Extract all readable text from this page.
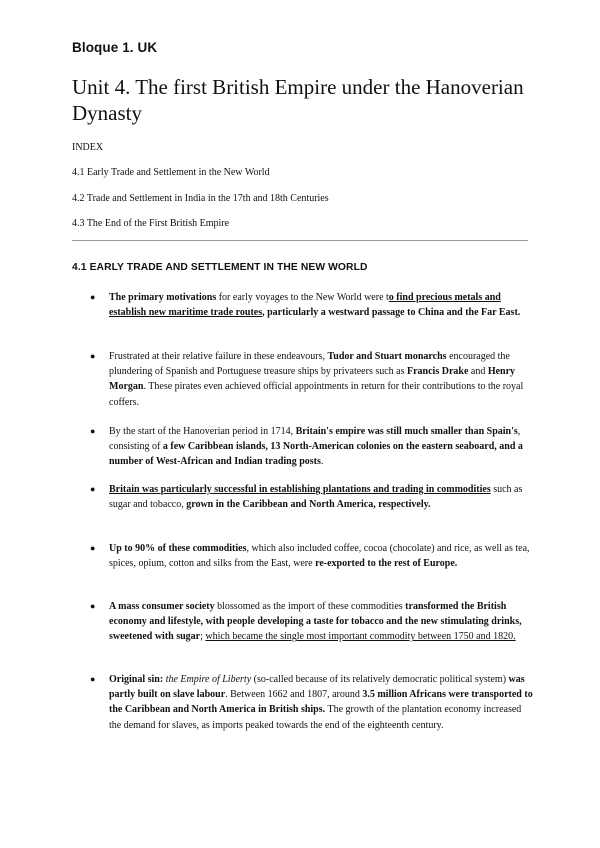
Bloque 1. UK
Unit 4. The first British Empire under the Hanoverian Dynasty
INDEX
4.1 Early Trade and Settlement in the New World
4.2 Trade and Settlement in India in the 17th and 18th Centuries
4.3 The End of the First British Empire
4.1 EARLY TRADE AND SETTLEMENT IN THE NEW WORLD
● The primary motivations for early voyages to the New World were to find precious metals and establish new maritime trade routes, particularly a westward passage to China and the Far East.
● Frustrated at their relative failure in these endeavours, Tudor and Stuart monarchs encouraged the plundering of Spanish and Portuguese treasure ships by privateers such as Francis Drake and Henry Morgan. These pirates even achieved official appointments in return for their contributions to the royal coffers.
● By the start of the Hanoverian period in 1714, Britain's empire was still much smaller than Spain's, consisting of a few Caribbean islands, 13 North-American colonies on the eastern seaboard, and a number of West-African and Indian trading posts.
● Britain was particularly successful in establishing plantations and trading in commodities such as sugar and tobacco, grown in the Caribbean and North America, respectively.
● Up to 90% of these commodities, which also included coffee, cocoa (chocolate) and rice, as well as tea, spices, opium, cotton and silks from the East, were re-exported to the rest of Europe.
● A mass consumer society blossomed as the import of these commodities transformed the British economy and lifestyle, with people developing a taste for tobacco and the new stimulating drinks, sweetened with sugar; which became the single most important commodity between 1750 and 1820.
● Original sin: the Empire of Liberty (so-called because of its relatively democratic political system) was partly built on slave labour. Between 1662 and 1807, around 3.5 million Africans were transported to the Caribbean and North America in British ships. The growth of the plantation economy increased the demand for slaves, as imports peaked towards the end of the eighteenth century.
